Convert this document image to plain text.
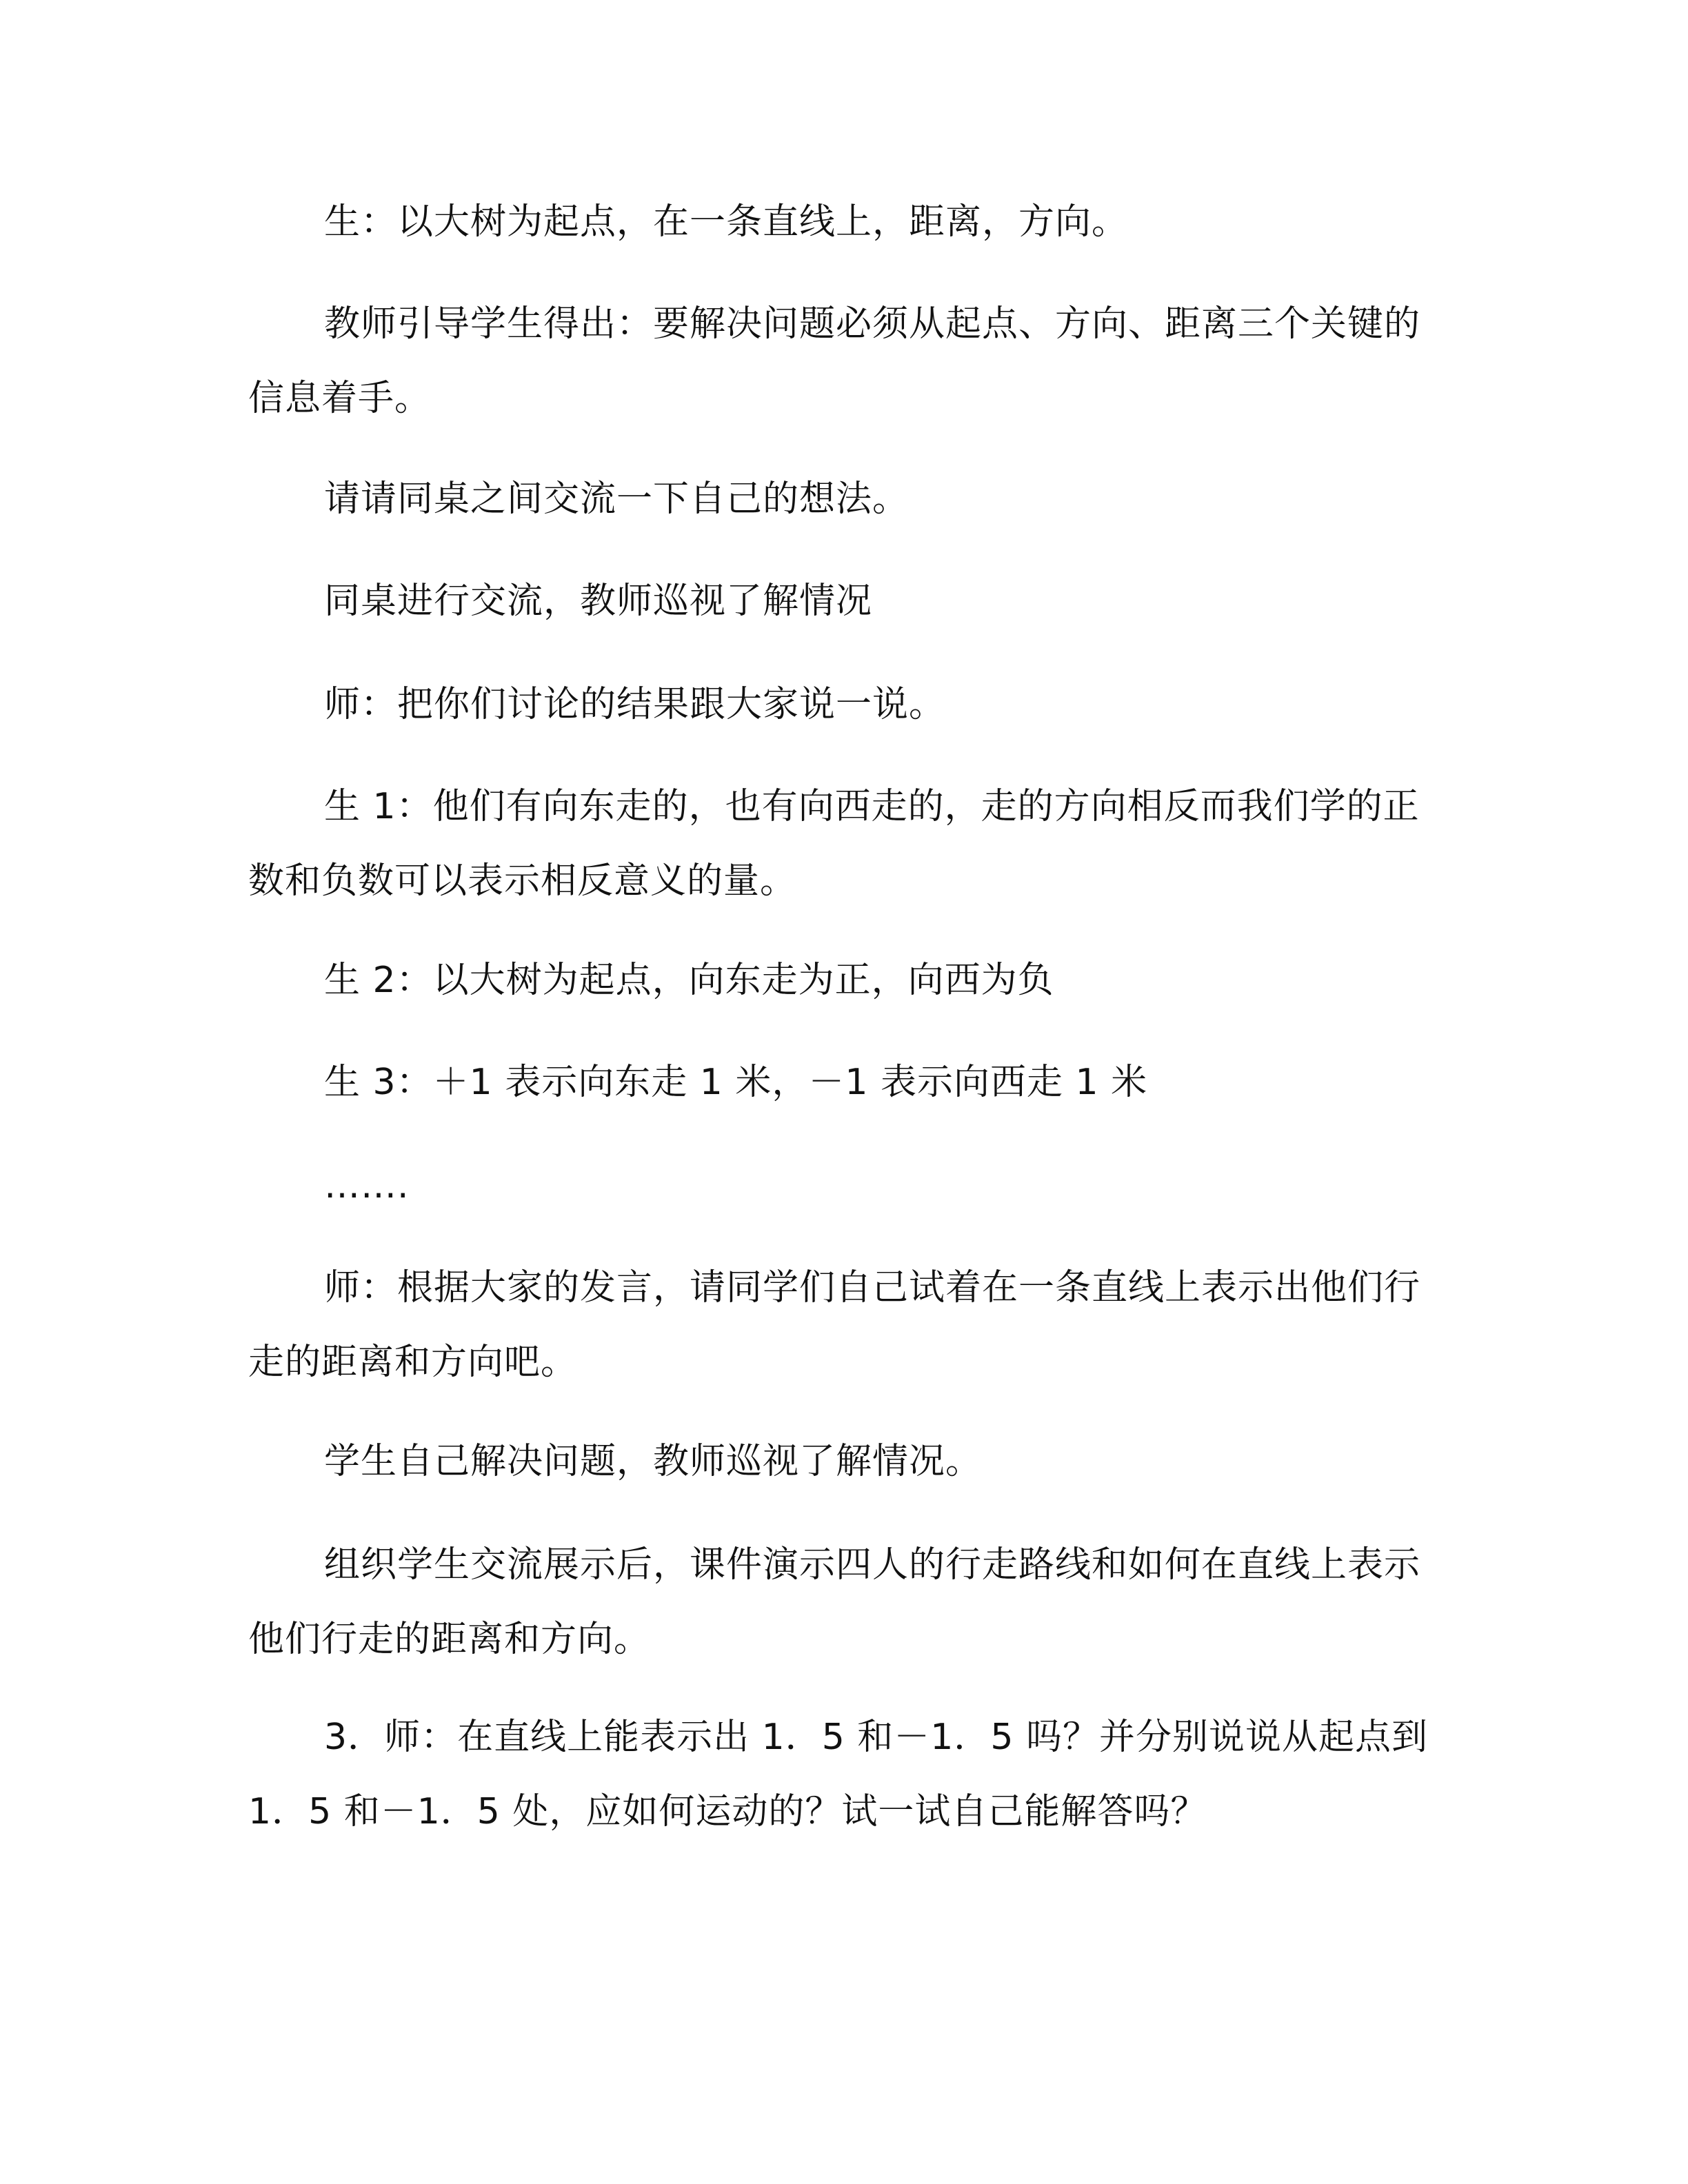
生：以大树为起点，在一条直线上，距离，方向。

教师引导学生得出：要解决问题必须从起点、方向、距离三个关键的信息着手。

请请同桌之间交流一下自己的想法。

同桌进行交流，教师巡视了解情况

师：把你们讨论的结果跟大家说一说。

生 1：他们有向东走的，也有向西走的，走的方向相反而我们学的正数和负数可以表示相反意义的量。

生 2：以大树为起点，向东走为正，向西为负

生 3：＋1 表示向东走 1 米，－1 表示向西走 1 米

…….

师：根据大家的发言，请同学们自己试着在一条直线上表示出他们行走的距离和方向吧。

学生自己解决问题，教师巡视了解情况。

组织学生交流展示后，课件演示四人的行走路线和如何在直线上表示他们行走的距离和方向。

3．师：在直线上能表示出 1．5 和－1．5 吗？并分别说说从起点到 1．5 和－1．5 处，应如何运动的？试一试自己能解答吗？
